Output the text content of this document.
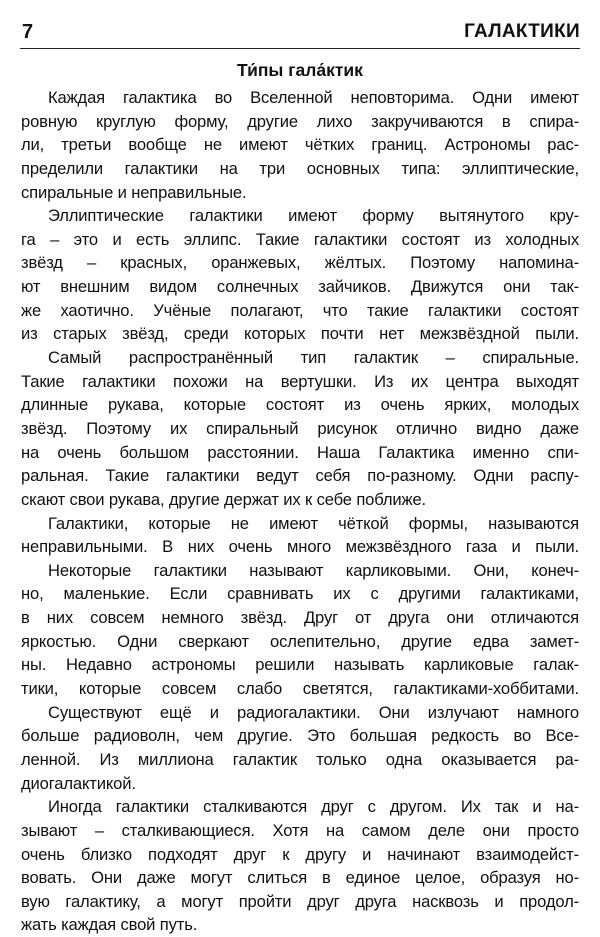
7	ГАЛАКТИКИ
Ти́пы гала́ктик
Каждая галактика во Вселенной неповторима. Одни имеют
ровную круглую форму, другие лихо закручиваются в спира-
ли, третьи вообще не имеют чётких границ. Астрономы рас-
пределили галактики на три основных типа: эллиптические,
спиральные и неправильные.
Эллиптические галактики имеют форму вытянутого кру-
га – это и есть эллипс. Такие галактики состоят из холодных
звёзд – красных, оранжевых, жёлтых. Поэтому напомина-
ют внешним видом солнечных зайчиков. Движутся они так-
же хаотично. Учёные полагают, что такие галактики состоят
из старых звёзд, среди которых почти нет межзвёздной пыли.
Самый распространённый тип галактик – спиральные.
Такие галактики похожи на вертушки. Из их центра выходят
длинные рукава, которые состоят из очень ярких, молодых
звёзд. Поэтому их спиральный рисунок отлично видно даже
на очень большом расстоянии. Наша Галактика именно спи-
ральная. Такие галактики ведут себя по-разному. Одни распу-
скают свои рукава, другие держат их к себе поближе.
Галактики, которые не имеют чёткой формы, называются
неправильными. В них очень много межзвёздного газа и пыли.
Некоторые галактики называют карликовыми. Они, конеч-
но, маленькие. Если сравнивать их с другими галактиками,
в них совсем немного звёзд. Друг от друга они отличаются
яркостью. Одни сверкают ослепительно, другие едва замет-
ны. Недавно астрономы решили называть карликовые галак-
тики, которые совсем слабо светятся, галактиками-хоббитами.
Существуют ещё и радиогалактики. Они излучают намного
больше радиоволн, чем другие. Это большая редкость во Все-
ленной. Из миллиона галактик только одна оказывается ра-
диогалактикой.
Иногда галактики сталкиваются друг с другом. Их так и на-
зывают – сталкивающиеся. Хотя на самом деле они просто
очень близко подходят друг к другу и начинают взаимодейст-
вовать. Они даже могут слиться в единое целое, образуя но-
вую галактику, а могут пройти друг друга насквозь и продол-
жать каждая свой путь.
